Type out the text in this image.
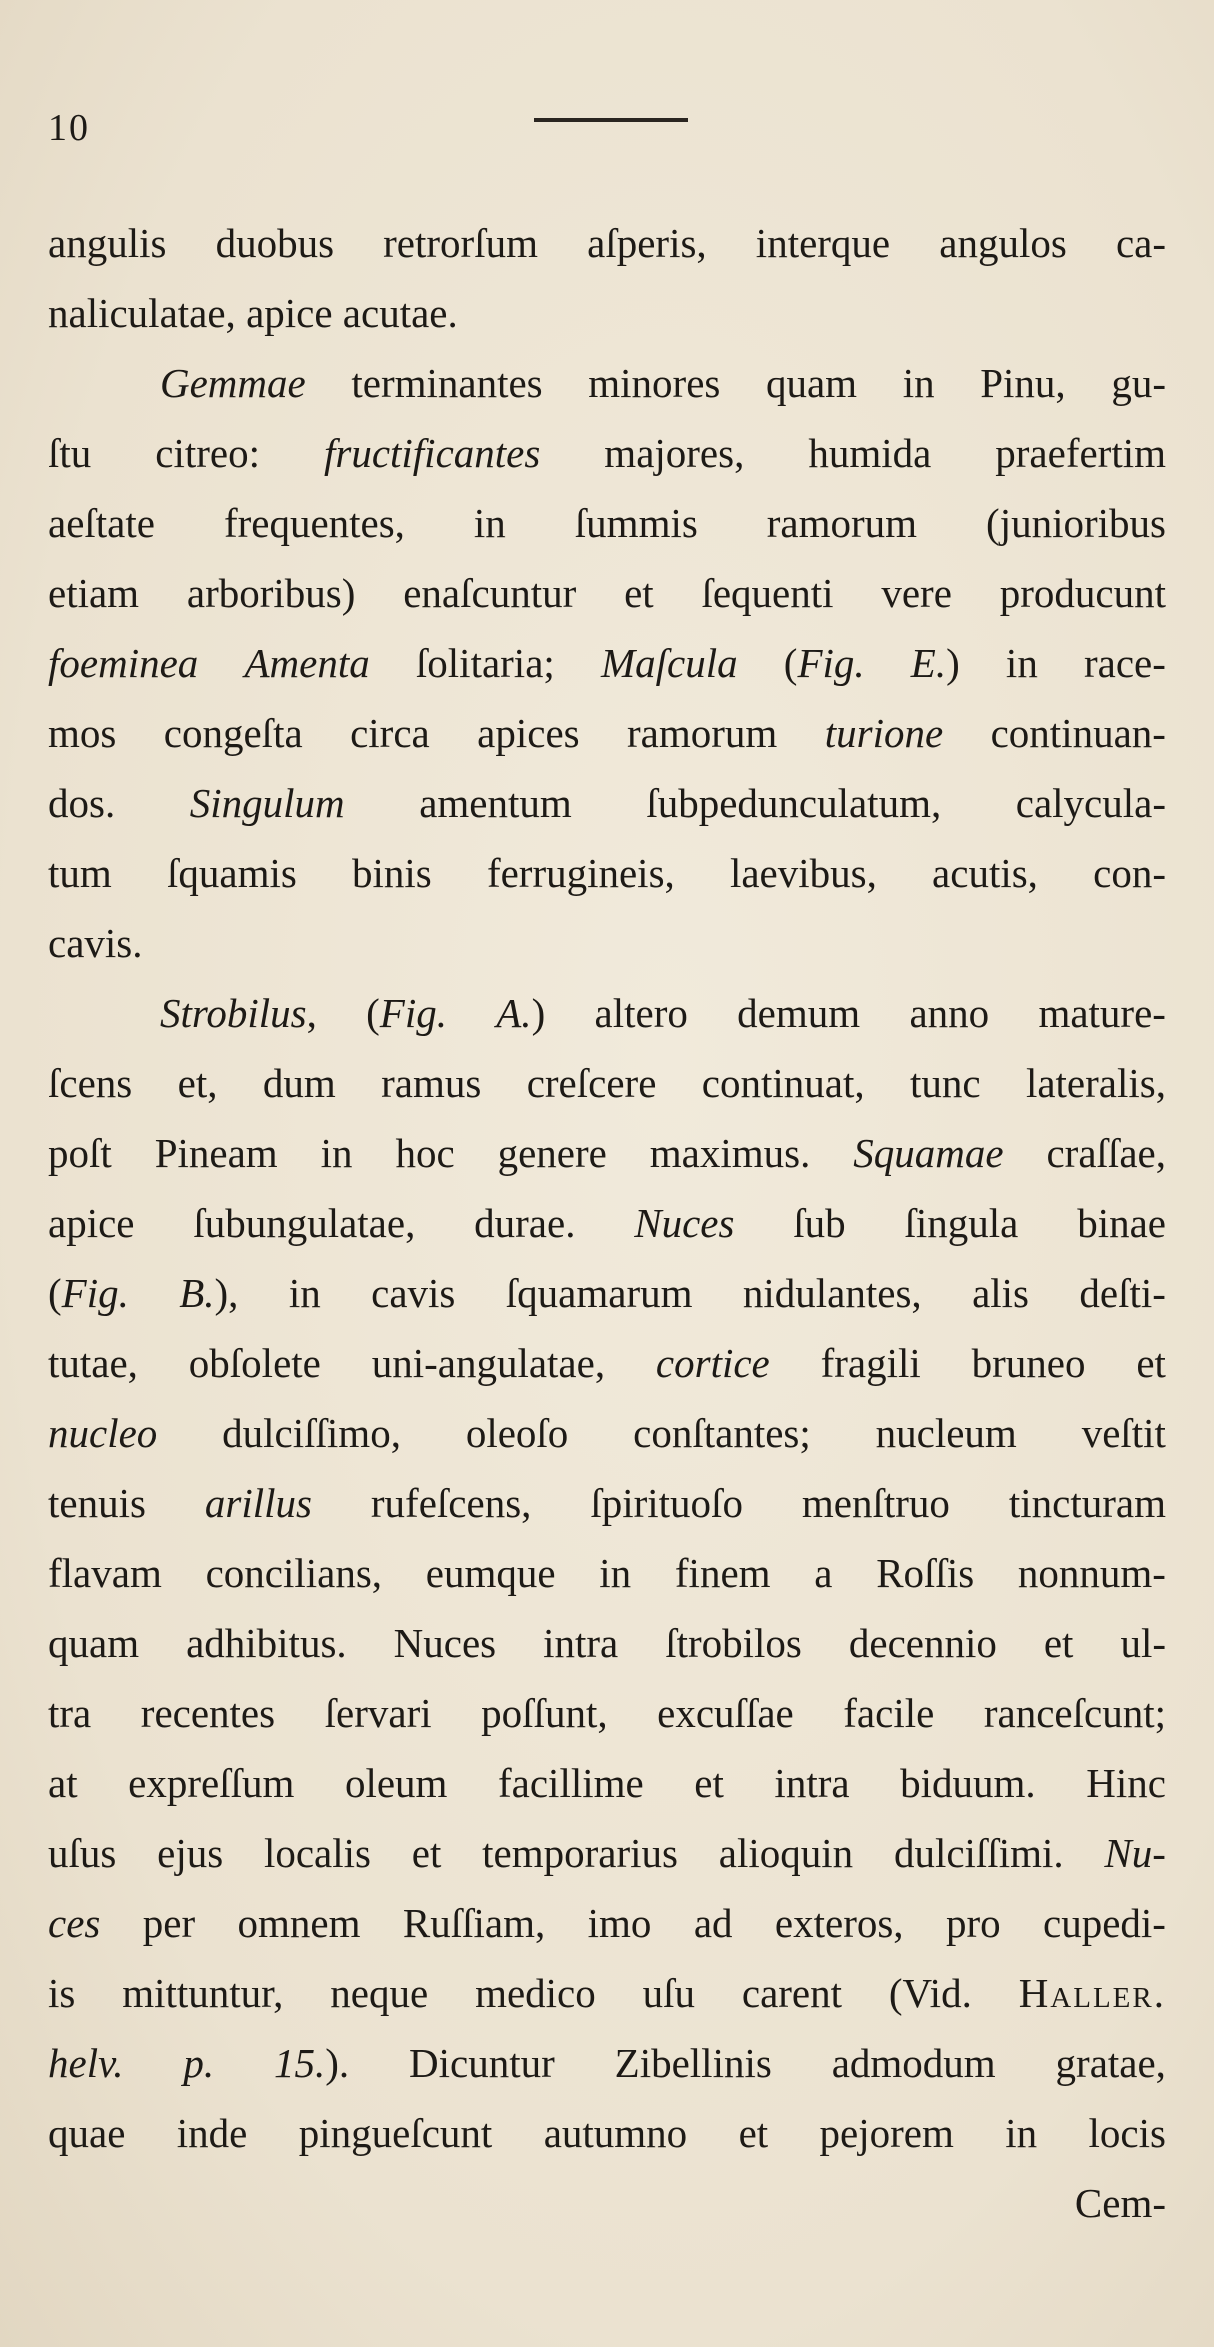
10
angulis duobus retrorſum aſperis, interque angulos ca-
naliculatae, apice acutae.
Gemmae terminantes minores quam in Pinu, gu-
ſtu citreo: fructificantes majores, humida praefertim
aeſtate frequentes, in ſummis ramorum (junioribus
etiam arboribus) enaſcuntur et ſequenti vere producunt
foeminea Amenta ſolitaria; Maſcula (Fig. E.) in race-
mos congeſta circa apices ramorum turione continuan-
dos. Singulum amentum ſubpedunculatum, calycula-
tum ſquamis binis ferrugineis, laevibus, acutis, con-
cavis.
Strobilus, (Fig. A.) altero demum anno mature-
ſcens et, dum ramus creſcere continuat, tunc lateralis,
poſt Pineam in hoc genere maximus. Squamae craſſae,
apice ſubungulatae, durae. Nuces ſub ſingula binae
(Fig. B.), in cavis ſquamarum nidulantes, alis deſti-
tutae, obſolete uni-angulatae, cortice fragili bruneo et
nucleo dulciſſimo, oleoſo conſtantes; nucleum veſtit
tenuis arillus rufeſcens, ſpirituoſo menſtruo tincturam
flavam concilians, eumque in finem a Roſſis nonnum-
quam adhibitus. Nuces intra ſtrobilos decennio et ul-
tra recentes ſervari poſſunt, excuſſae facile ranceſcunt;
at expreſſum oleum facillime et intra biduum. Hinc
uſus ejus localis et temporarius alioquin dulciſſimi. Nu-
ces per omnem Ruſſiam, imo ad exteros, pro cupedi-
is mittuntur, neque medico uſu carent (Vid. Haller.
helv. p. 15.). Dicuntur Zibellinis admodum gratae,
quae inde pingueſcunt autumno et pejorem in locis
Cem-
